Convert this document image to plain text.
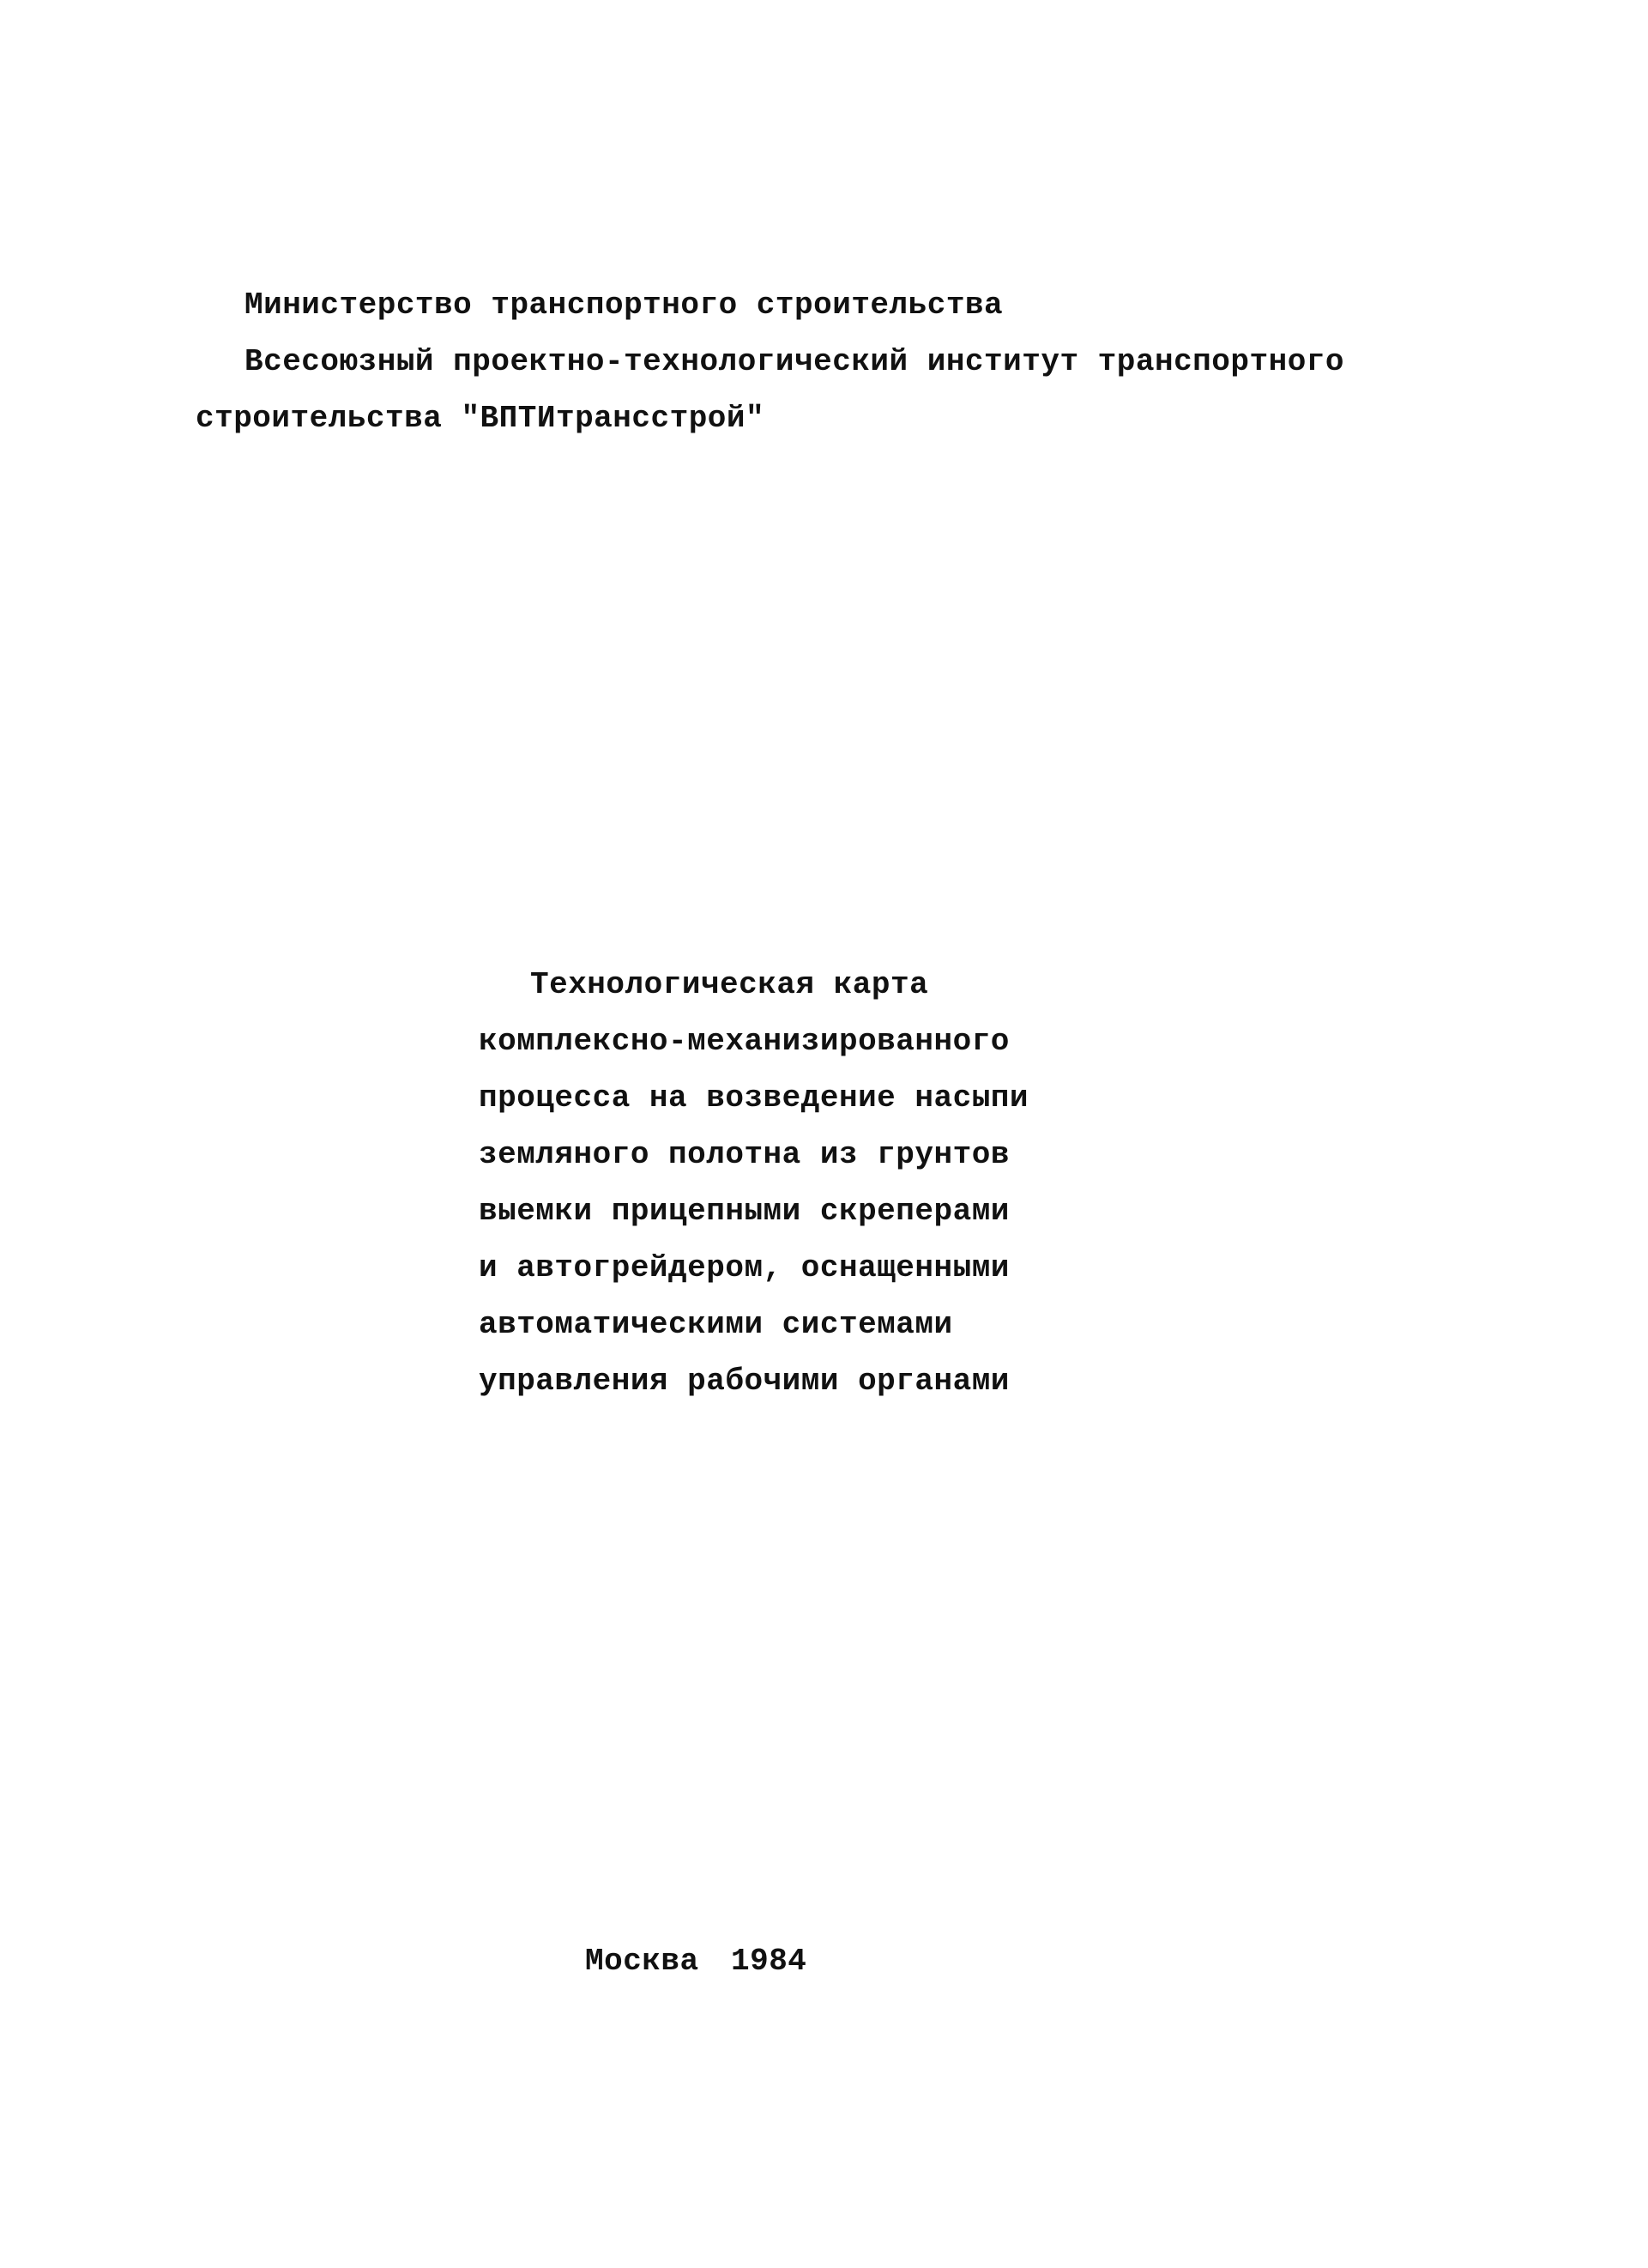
Министерство транспортного строительства
Всесоюзный проектно-технологический институт транспортного
строительства "ВПТИтрансстрой"
Технологическая карта
комплексно-механизированного
процесса на возведение насыпи
земляного полотна из грунтов
выемки прицепными скреперами
и автогрейдером, оснащенными
автоматическими системами
управления рабочими органами
Москва 1984
